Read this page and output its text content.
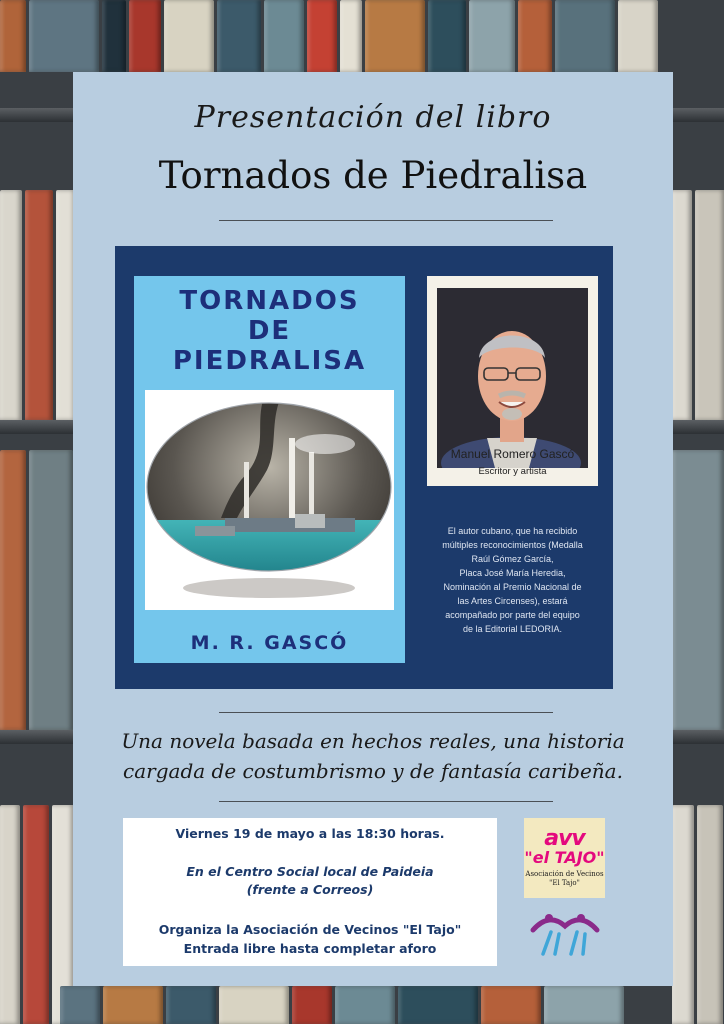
Presentación del libro
Tornados de Piedralisa
TORNADOS
DE
PIEDRALISA
M. R. GASCÓ
Manuel Romero Gascó
Escritor y artista
El autor cubano, que ha recibido
múltiples reconocimientos (Medalla
Raúl Gómez García,
Placa José María Heredia,
Nominación al Premio Nacional de
las Artes Circenses), estará
acompañado por parte del equipo
de la Editorial LEDORIA.
Una novela basada en hechos reales, una historia
cargada de costumbrismo y de fantasía caribeña.
Viernes 19 de mayo a las 18:30 horas.
En el Centro Social local de Paideia
(frente a Correos)
Organiza la Asociación de Vecinos "El Tajo"
Entrada libre hasta completar aforo
avv
"el TAJO"
Asociación de Vecinos
"El Tajo"
